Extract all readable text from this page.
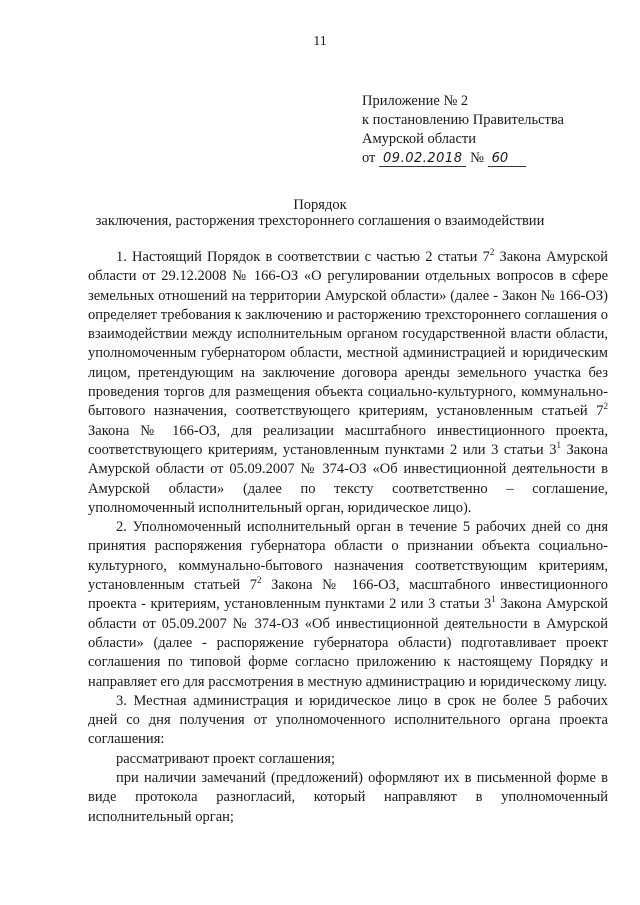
11
Приложение № 2
к постановлению Правительства
Амурской области
от 09.02.2018 № 60
Порядок
заключения, расторжения трехстороннего соглашения о взаимодействии

1. Настоящий Порядок в соответствии с частью 2 статьи $7^2$ Закона Амурской области от 29.12.2008 № 166-ОЗ «О регулировании отдельных вопросов в сфере земельных отношений на территории Амурской области» (далее - Закон № 166-ОЗ) определяет требования к заключению и расторжению трехстороннего соглашения о взаимодействии между исполнительным органом государственной власти области, уполномоченным губернатором области, местной администрацией и юридическим лицом, претендующим на заключение договора аренды земельного участка без проведения торгов для размещения объекта социально-культурного, коммунально-бытового назначения, соответствующего критериям, установленным статьей $7^2$ Закона № 166-ОЗ, для реализации масштабного инвестиционного проекта, соответствующего критериям, установленным пунктами 2 или 3 статьи $3^1$ Закона Амурской области от 05.09.2007 № 374-ОЗ «Об инвестиционной деятельности в Амурской области» (далее по тексту соответственно – соглашение, уполномоченный исполнительный орган, юридическое лицо).

2. Уполномоченный исполнительный орган в течение 5 рабочих дней со дня принятия распоряжения губернатора области о признании объекта социально-культурного, коммунально-бытового назначения соответствующим критериям, установленным статьей $7^2$ Закона № 166-ОЗ, масштабного инвестиционного проекта - критериям, установленным пунктами 2 или 3 статьи $3^1$ Закона Амурской области от 05.09.2007 № 374-ОЗ «Об инвестиционной деятельности в Амурской области» (далее - распоряжение губернатора области) подготавливает проект соглашения по типовой форме согласно приложению к настоящему Порядку и направляет его для рассмотрения в местную администрацию и юридическому лицу.

3. Местная администрация и юридическое лицо в срок не более 5 рабочих дней со дня получения от уполномоченного исполнительного органа проекта соглашения:

рассматривают проект соглашения;

при наличии замечаний (предложений) оформляют их в письменной форме в виде протокола разногласий, который направляют в уполномоченный исполнительный орган;
